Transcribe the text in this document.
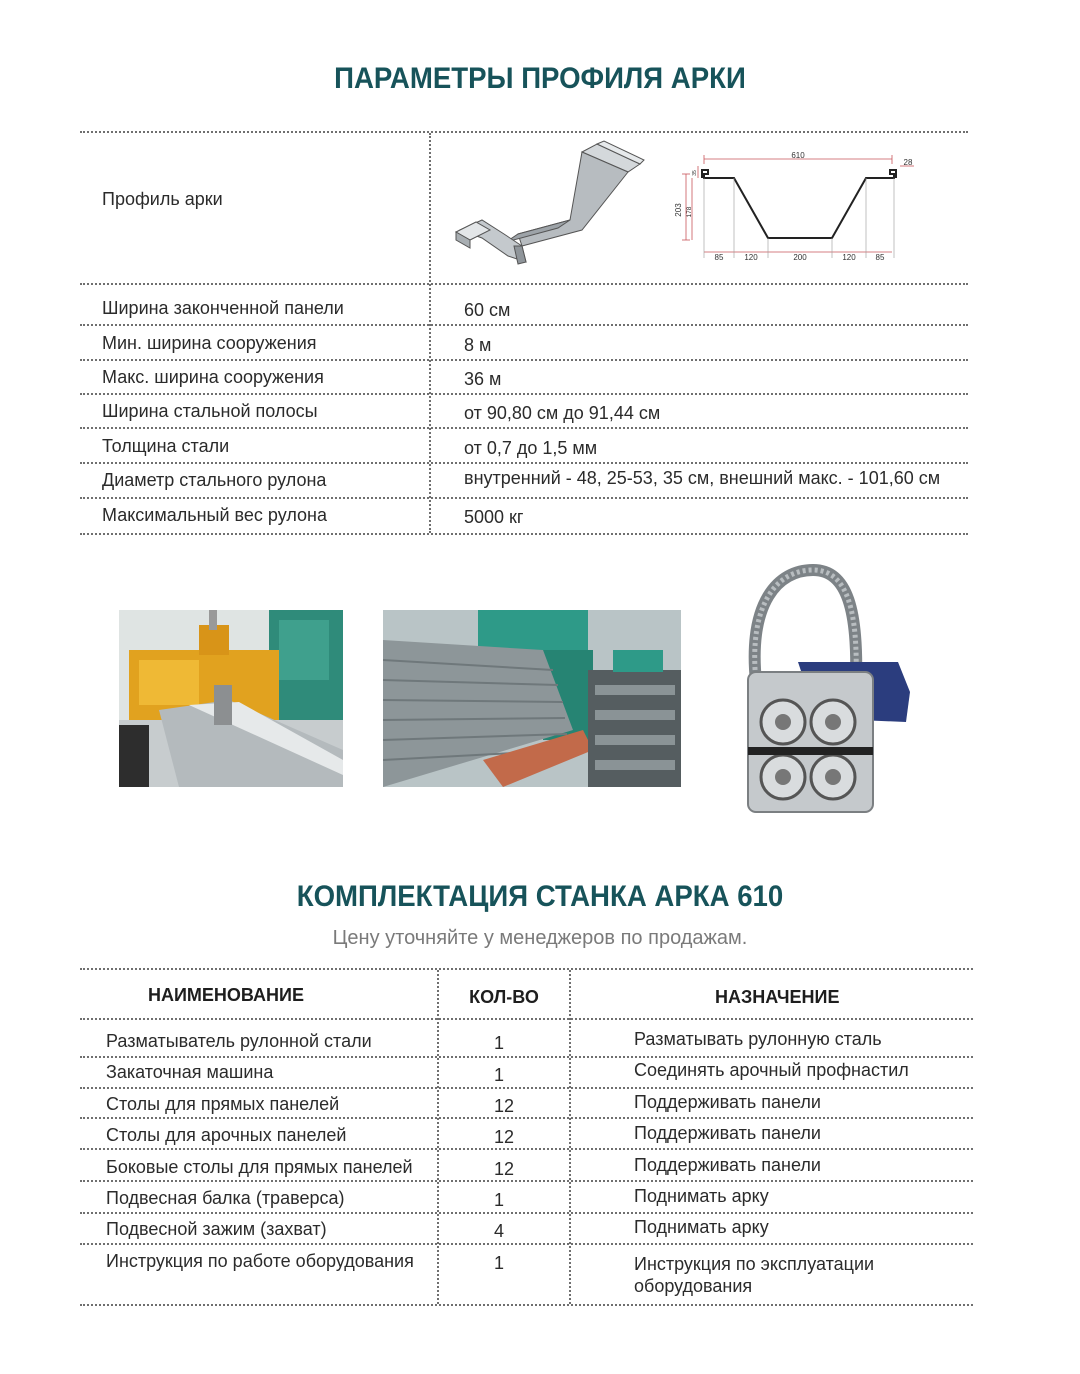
ПАРАМЕТРЫ ПРОФИЛЯ АРКИ
Профиль арки
610
28
203 178
35
85	120	200	120 85
Ширина законченной панели	60 см
Мин. ширина сооружения	8 м
Макс. ширина сооружения	36 м
Ширина стальной полосы	от 90,80 см до 91,44 см
Толщина стали	от 0,7 до 1,5 мм
Диаметр стального рулона	внутренний - 48, 25-53, 35 см, внешний макс. - 101,60 см
Максимальный вес рулона	5000 кг
КОМПЛЕКТАЦИЯ СТАНКА АРКА 610
Цену уточняйте у менеджеров по продажам.
НАИМЕНОВАНИЕ	КОЛ-ВО	НАЗНАЧЕНИЕ
Разматыватель рулонной стали	1	Разматывать рулонную сталь
Закаточная машина	1	Соединять арочный профнастил
Столы для прямых панелей	12	Поддерживать панели
Столы для арочных панелей	12	Поддерживать панели
Боковые столы для прямых панелей	12	Поддерживать панели
Подвесная балка (траверса)	1	Поднимать арку
Подвесной зажим (захват)	4	Поднимать арку
Инструкция по работе оборудования	1	Инструкция по эксплуатации оборудования
